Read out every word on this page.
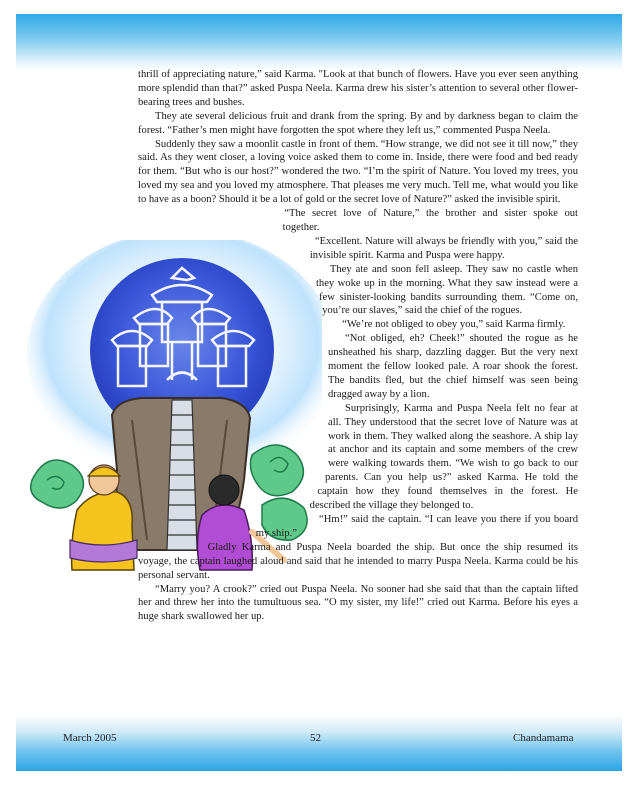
thrill of appreciating nature,” said Karma. "Look at that bunch of flowers. Have you ever seen anything more splendid than that?” asked Puspa Neela. Karma drew his sister’s attention to several other flower-bearing trees and bushes.

They ate several delicious fruit and drank from the spring. By and by darkness began to claim the forest. “Father’s men might have forgotten the spot where they left us,” commented Puspa Neela.

Suddenly they saw a moonlit castle in front of them. “How strange, we did not see it till now,” they said. As they went closer, a loving voice asked them to come in. Inside, there were food and bed ready for them. “But who is our host?” wondered the two. “I’m the spirit of Nature. You loved my trees, you loved my sea and you loved my atmosphere. That pleases me very much. Tell me, what would you like to have as a boon? Should it be a lot of gold or the secret love of Nature?” asked the invisible spirit.

“The secret love of Nature,” the brother and sister spoke out together.

“Excellent. Nature will always be friendly with you,” said the invisible spirit. Karma and Puspa were happy.

They ate and soon fell asleep. They saw no castle when they woke up in the morning. What they saw instead were a few sinister-looking bandits surrounding them. “Come on, you’re our slaves,” said the chief of the rogues.

“We’re not obliged to obey you,” said Karma firmly.

“Not obliged, eh? Cheek!” shouted the rogue as he unsheathed his sharp, dazzling dagger. But the very next moment the fellow looked pale. A roar shook the forest. The bandits fled, but the chief himself was seen being dragged away by a lion.

Surprisingly, Karma and Puspa Neela felt no fear at all. They understood that the secret love of Nature was at work in them. They walked along the seashore. A ship lay at anchor and its captain and some members of the crew were walking towards them. “We wish to go back to our parents. Can you help us?” asked Karma. He told the captain how they found themselves in the forest. He described the village they belonged to.

“Hm!” said the captain. “I can leave you there if you board my ship.”

Gladly Karma and Puspa Neela boarded the ship. But once the ship resumed its voyage, the captain laughed aloud and said that he intended to marry Puspa Neela. Karma could be his personal servant.

“Marry you? A crook?” cried out Puspa Neela. No sooner had she said that than the captain lifted her and threw her into the tumultuous sea. “O my sister, my life!” cried out Karma. Before his eyes a huge shark swallowed her up.

March 2005	52	Chandamama
